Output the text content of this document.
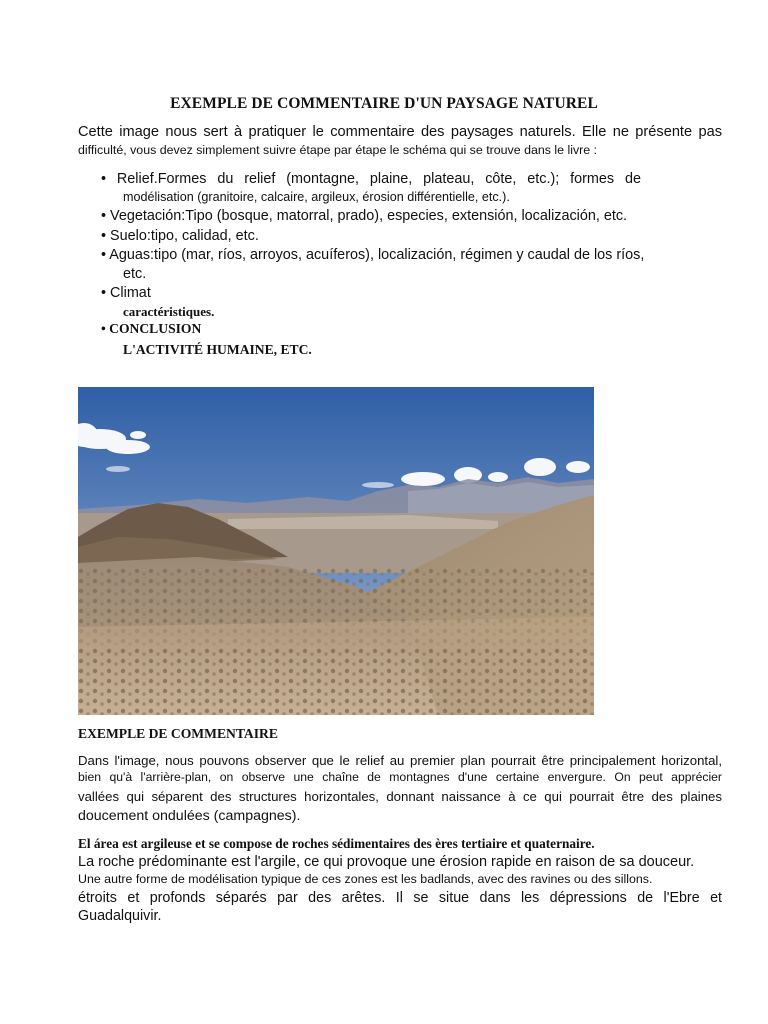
EXEMPLE DE COMMENTAIRE D'UN PAYSAGE NATUREL

Cette image nous sert à pratiquer le commentaire des paysages naturels. Elle ne présente pas

difficulté, vous devez simplement suivre étape par étape le schéma qui se trouve dans le livre :

• Relief.Formes du relief (montagne, plaine, plateau, côte, etc.); formes de

modélisation (granitoire, calcaire, argileux, érosion différentielle, etc.).

• Vegetación:Tipo (bosque, matorral, prado), especies, extensión, localización, etc.

• Suelo:tipo, calidad, etc.

• Aguas:tipo (mar, ríos, arroyos, acuíferos), localización, régimen y caudal de los ríos,

etc.

• Climat

caractéristiques.

• CONCLUSION

L'ACTIVITÉ HUMAINE, ETC.

EXEMPLE DE COMMENTAIRE

Dans l'image, nous pouvons observer que le relief au premier plan pourrait être principalement horizontal,

bien qu'à l'arrière-plan, on observe une chaîne de montagnes d'une certaine envergure. On peut apprécier

vallées qui séparent des structures horizontales, donnant naissance à ce qui pourrait être des plaines

doucement ondulées (campagnes).

El área est argileuse et se compose de roches sédimentaires des ères tertiaire et quaternaire.

La roche prédominante est l'argile, ce qui provoque une érosion rapide en raison de sa douceur.

Une autre forme de modélisation typique de ces zones est les badlands, avec des ravines ou des sillons.

étroits et profonds séparés par des arêtes. Il se situe dans les dépressions de l'Ebre et

Guadalquivir.
